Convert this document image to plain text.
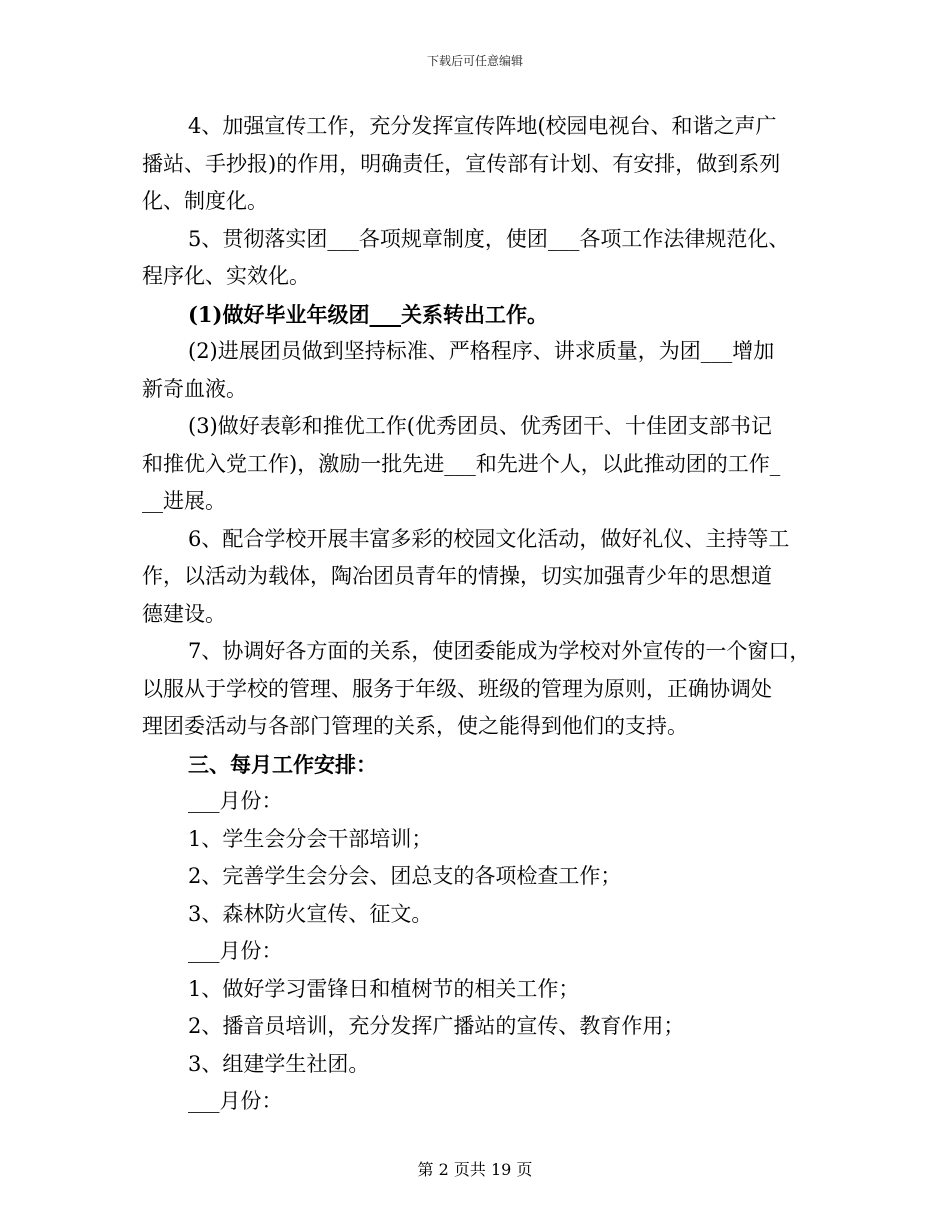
下载后可任意编辑

4、加强宣传工作，充分发挥宣传阵地(校园电视台、和谐之声广
播站、手抄报)的作用，明确责任，宣传部有计划、有安排，做到系列
化、制度化。

5、贯彻落实团___各项规章制度，使团___各项工作法律规范化、
程序化、实效化。

(1)做好毕业年级团___关系转出工作。

(2)进展团员做到坚持标准、严格程序、讲求质量，为团___增加
新奇血液。

(3)做好表彰和推优工作(优秀团员、优秀团干、十佳团支部书记
和推优入党工作)，激励一批先进___和先进个人，以此推动团的工作_
__进展。

6、配合学校开展丰富多彩的校园文化活动，做好礼仪、主持等工
作，以活动为载体，陶冶团员青年的情操，切实加强青少年的思想道
德建设。

7、协调好各方面的关系，使团委能成为学校对外宣传的一个窗口，
以服从于学校的管理、服务于年级、班级的管理为原则，正确协调处
理团委活动与各部门管理的关系，使之能得到他们的支持。

三、每月工作安排：

___月份：

1、学生会分会干部培训；

2、完善学生会分会、团总支的各项检查工作；

3、森林防火宣传、征文。

___月份：

1、做好学习雷锋日和植树节的相关工作；

2、播音员培训，充分发挥广播站的宣传、教育作用；

3、组建学生社团。

___月份：

第 2 页共 19 页
